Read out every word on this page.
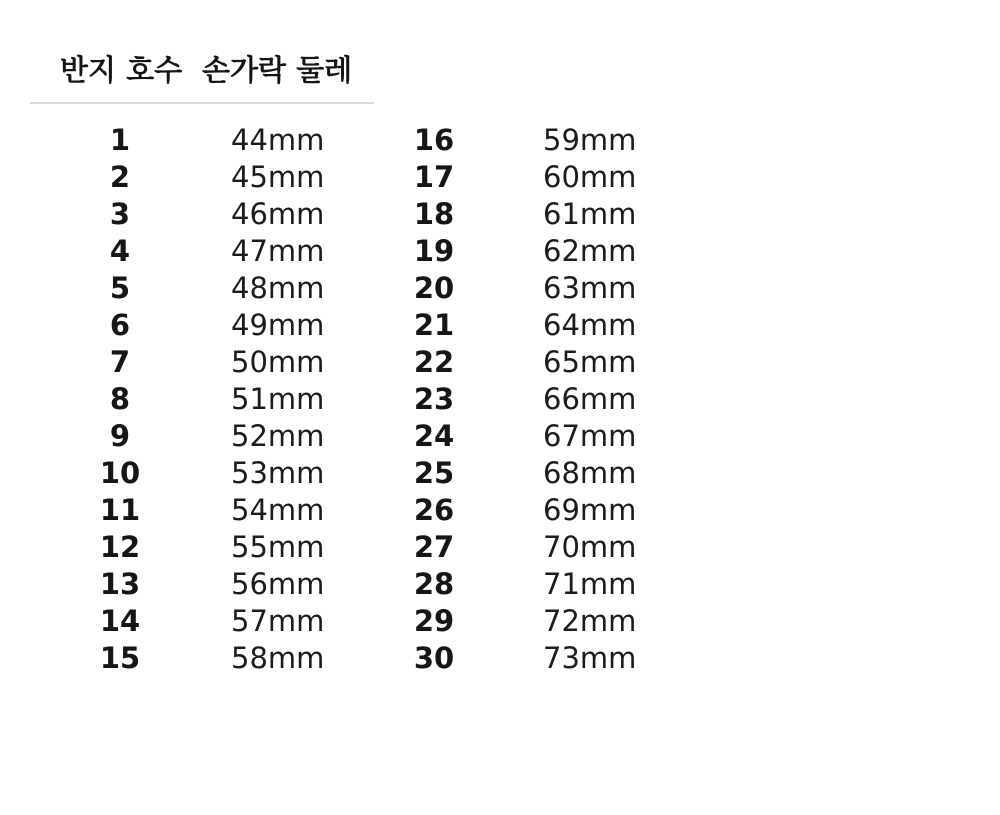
반지 호수 손가락 둘레
1	44mm	16	59mm
2	45mm	17	60mm
3	46mm	18	61mm
4	47mm	19	62mm
5	48mm	20	63mm
6	49mm	21	64mm
7	50mm	22	65mm
8	51mm	23	66mm
9	52mm	24	67mm
10	53mm	25	68mm
11	54mm	26	69mm
12	55mm	27	70mm
13	56mm	28	71mm
14	57mm	29	72mm
15	58mm	30	73mm
